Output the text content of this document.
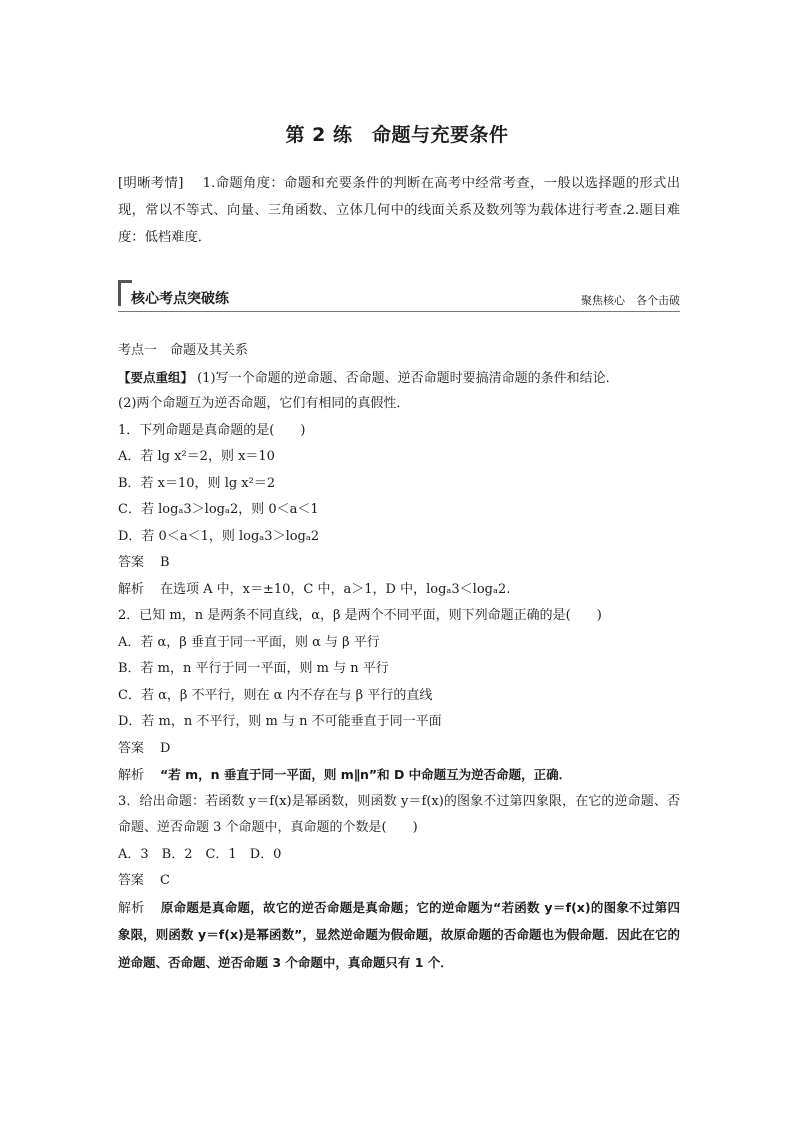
第 2 练　命题与充要条件
[明晰考情] 1.命题角度：命题和充要条件的判断在高考中经常考查，一般以选择题的形式出现，常以不等式、向量、三角函数、立体几何中的线面关系及数列等为载体进行考查.2.题目难度：低档难度．
核心考点突破练	聚焦核心　各个击破
考点一　命题及其关系
【要点重组】 (1)写一个命题的逆命题、否命题、逆否命题时要搞清命题的条件和结论．
(2)两个命题互为逆否命题，它们有相同的真假性．
1．下列命题是真命题的是(　　)
A．若 lg x²＝2，则 x＝10
B．若 x＝10，则 lg x²＝2
C．若 logₐ3＞logₐ2，则 0＜a＜1
D．若 0＜a＜1，则 logₐ3＞logₐ2
答案 B
解析 在选项 A 中，x＝±10，C 中，a＞1，D 中，logₐ3＜logₐ2.
2．已知 m，n 是两条不同直线，α，β 是两个不同平面，则下列命题正确的是(　　)
A．若 α，β 垂直于同一平面，则 α 与 β 平行
B．若 m，n 平行于同一平面，则 m 与 n 平行
C．若 α，β 不平行，则在 α 内不存在与 β 平行的直线
D．若 m，n 不平行，则 m 与 n 不可能垂直于同一平面
答案 D
解析 “若 m，n 垂直于同一平面，则 m∥n”和 D 中命题互为逆否命题，正确．
3．给出命题：若函数 y＝f(x)是幂函数，则函数 y＝f(x)的图象不过第四象限，在它的逆命题、否命题、逆否命题 3 个命题中，真命题的个数是(　　)
A．3　B．2　C．1　D．0
答案 C
解析 原命题是真命题，故它的逆否命题是真命题；它的逆命题为“若函数 y＝f(x)的图象不过第四象限，则函数 y＝f(x)是幂函数”，显然逆命题为假命题，故原命题的否命题也为假命题．因此在它的逆命题、否命题、逆否命题 3 个命题中，真命题只有 1 个．
